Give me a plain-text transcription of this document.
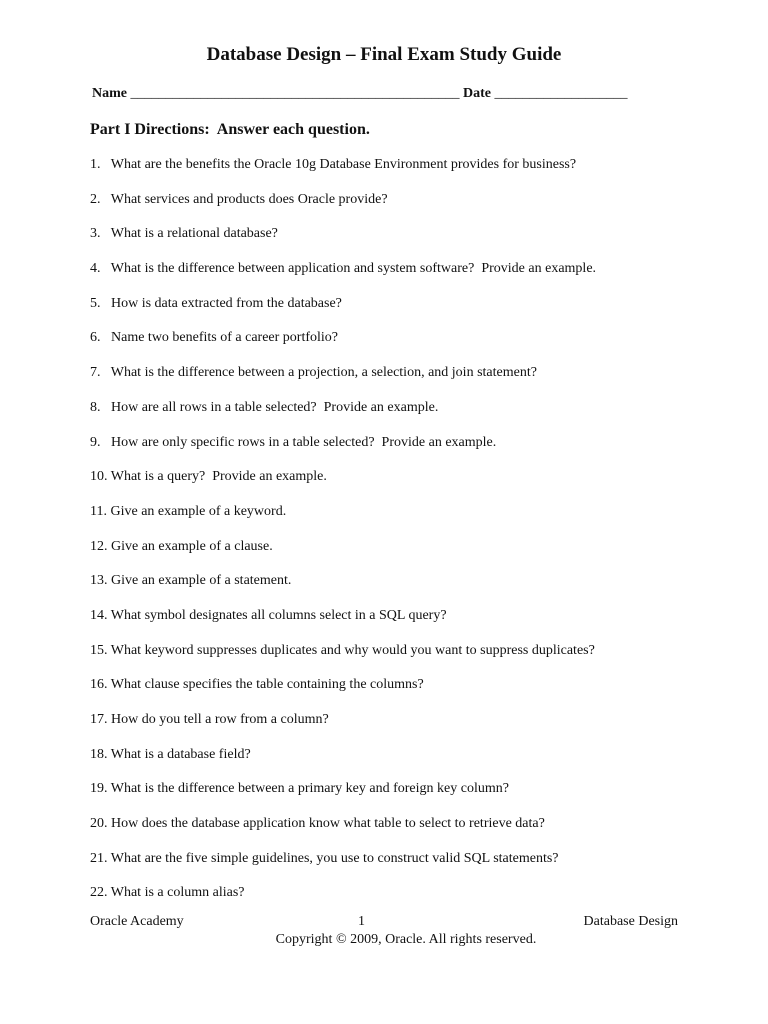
Database Design – Final Exam Study Guide
Name _______________________________________________ Date ___________________
Part I Directions:  Answer each question.
1.   What are the benefits the Oracle 10g Database Environment provides for business?
2.   What services and products does Oracle provide?
3.   What is a relational database?
4.   What is the difference between application and system software?  Provide an example.
5.   How is data extracted from the database?
6.   Name two benefits of a career portfolio?
7.   What is the difference between a projection, a selection, and join statement?
8.   How are all rows in a table selected?  Provide an example.
9.   How are only specific rows in a table selected?  Provide an example.
10. What is a query?  Provide an example.
11. Give an example of a keyword.
12. Give an example of a clause.
13. Give an example of a statement.
14. What symbol designates all columns select in a SQL query?
15. What keyword suppresses duplicates and why would you want to suppress duplicates?
16. What clause specifies the table containing the columns?
17. How do you tell a row from a column?
18. What is a database field?
19. What is the difference between a primary key and foreign key column?
20. How does the database application know what table to select to retrieve data?
21. What are the five simple guidelines, you use to construct valid SQL statements?
22. What is a column alias?
Oracle Academy	1	Database Design
Copyright © 2009, Oracle. All rights reserved.
